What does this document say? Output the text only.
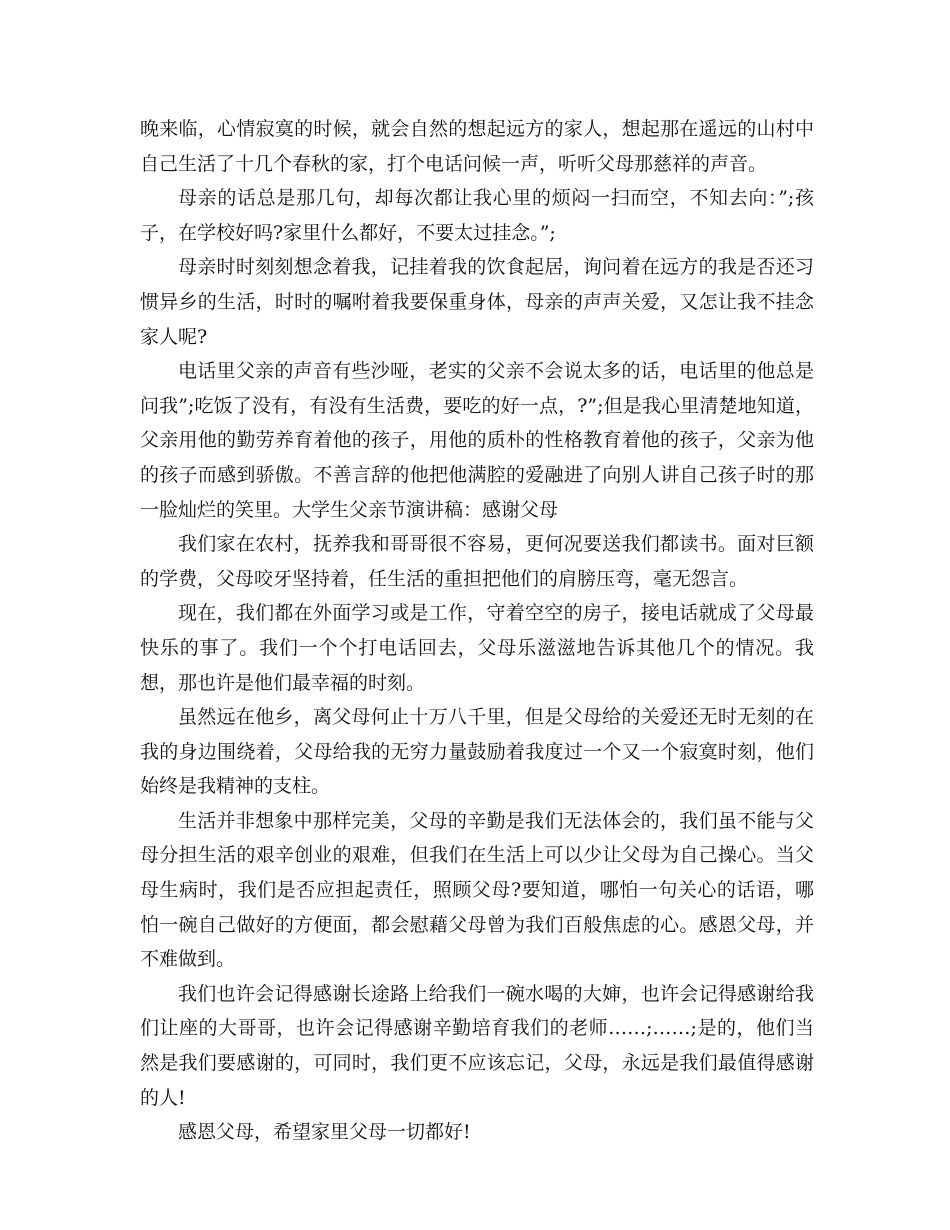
晚来临，心情寂寞的时候，就会自然的想起远方的家人，想起那在遥远的山村中自己生活了十几个春秋的家，打个电话问候一声，听听父母那慈祥的声音。

母亲的话总是那几句，却每次都让我心里的烦闷一扫而空，不知去向：”;孩子，在学校好吗?家里什么都好，不要太过挂念。”;

母亲时时刻刻想念着我，记挂着我的饮食起居，询问着在远方的我是否还习惯异乡的生活，时时的嘱咐着我要保重身体，母亲的声声关爱，又怎让我不挂念家人呢?

电话里父亲的声音有些沙哑，老实的父亲不会说太多的话，电话里的他总是问我”;吃饭了没有，有没有生活费，要吃的好一点，?”;但是我心里清楚地知道，父亲用他的勤劳养育着他的孩子，用他的质朴的性格教育着他的孩子，父亲为他的孩子而感到骄傲。不善言辞的他把他满腔的爱融进了向别人讲自己孩子时的那一脸灿烂的笑里。大学生父亲节演讲稿：感谢父母

我们家在农村，抚养我和哥哥很不容易，更何况要送我们都读书。面对巨额的学费，父母咬牙坚持着，任生活的重担把他们的肩膀压弯，毫无怨言。

现在，我们都在外面学习或是工作，守着空空的房子，接电话就成了父母最快乐的事了。我们一个个打电话回去，父母乐滋滋地告诉其他几个的情况。我想，那也许是他们最幸福的时刻。

虽然远在他乡，离父母何止十万八千里，但是父母给的关爱还无时无刻的在我的身边围绕着，父母给我的无穷力量鼓励着我度过一个又一个寂寞时刻，他们始终是我精神的支柱。

生活并非想象中那样完美，父母的辛勤是我们无法体会的，我们虽不能与父母分担生活的艰辛创业的艰难，但我们在生活上可以少让父母为自己操心。当父母生病时，我们是否应担起责任，照顾父母?要知道，哪怕一句关心的话语，哪怕一碗自己做好的方便面，都会慰藉父母曾为我们百般焦虑的心。感恩父母，并不难做到。

我们也许会记得感谢长途路上给我们一碗水喝的大婶，也许会记得感谢给我们让座的大哥哥，也许会记得感谢辛勤培育我们的老师……;……;是的，他们当然是我们要感谢的，可同时，我们更不应该忘记，父母，永远是我们最值得感谢的人!

感恩父母，希望家里父母一切都好!
